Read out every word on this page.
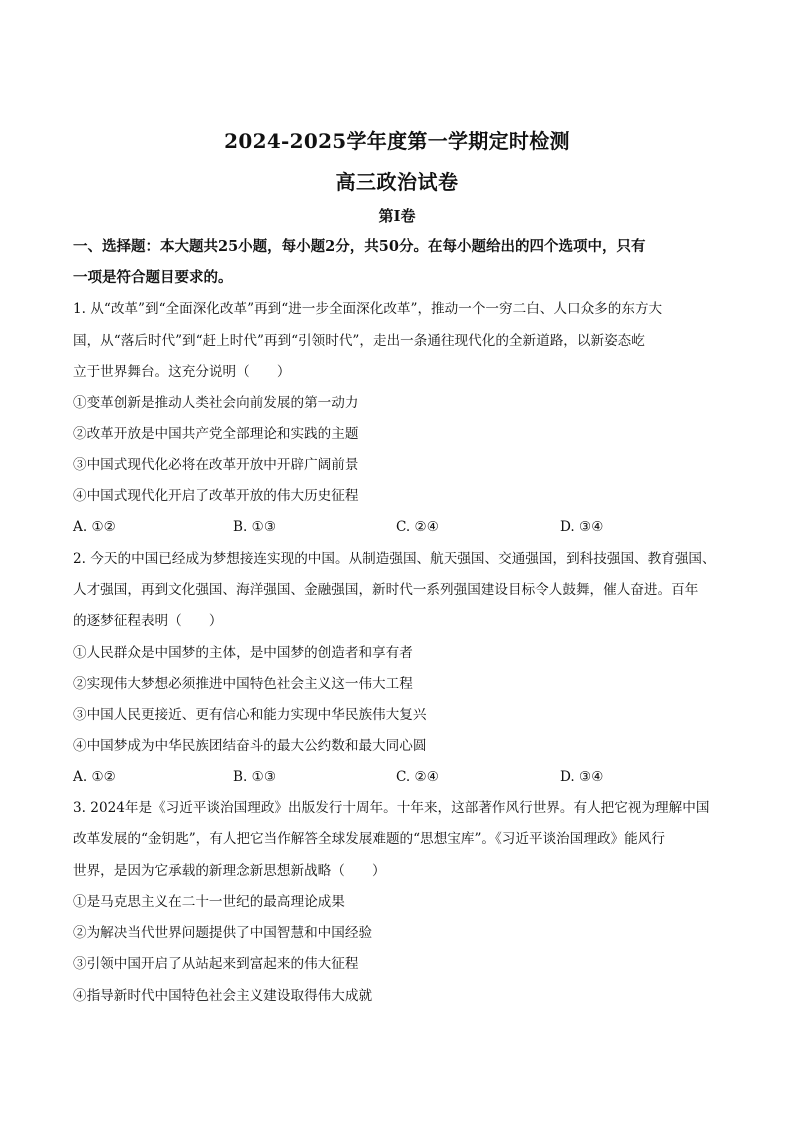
2024-2025学年度第一学期定时检测
高三政治试卷
第Ⅰ卷
一、选择题：本大题共25小题，每小题2分，共50分。在每小题给出的四个选项中，只有
一项是符合题目要求的。
1. 从“改革”到“全面深化改革”再到“进一步全面深化改革”，推动一个一穷二白、人口众多的东方大
国，从“落后时代”到“赶上时代”再到“引领时代”，走出一条通往现代化的全新道路，以新姿态屹
立于世界舞台。这充分说明（　　）
①变革创新是推动人类社会向前发展的第一动力
②改革开放是中国共产党全部理论和实践的主题
③中国式现代化必将在改革开放中开辟广阔前景
④中国式现代化开启了改革开放的伟大历史征程
A. ①②	B. ①③	C. ②④	D. ③④
2. 今天的中国已经成为梦想接连实现的中国。从制造强国、航天强国、交通强国，到科技强国、教育强国、
人才强国，再到文化强国、海洋强国、金融强国，新时代一系列强国建设目标令人鼓舞，催人奋进。百年
的逐梦征程表明（　　）
①人民群众是中国梦的主体，是中国梦的创造者和享有者
②实现伟大梦想必须推进中国特色社会主义这一伟大工程
③中国人民更接近、更有信心和能力实现中华民族伟大复兴
④中国梦成为中华民族团结奋斗的最大公约数和最大同心圆
A. ①②	B. ①③	C. ②④	D. ③④
3. 2024年是《习近平谈治国理政》出版发行十周年。十年来，这部著作风行世界。有人把它视为理解中国
改革发展的“金钥匙”，有人把它当作解答全球发展难题的“思想宝库”。《习近平谈治国理政》能风行
世界，是因为它承载的新理念新思想新战略（　　）
①是马克思主义在二十一世纪的最高理论成果
②为解决当代世界问题提供了中国智慧和中国经验
③引领中国开启了从站起来到富起来的伟大征程
④指导新时代中国特色社会主义建设取得伟大成就
